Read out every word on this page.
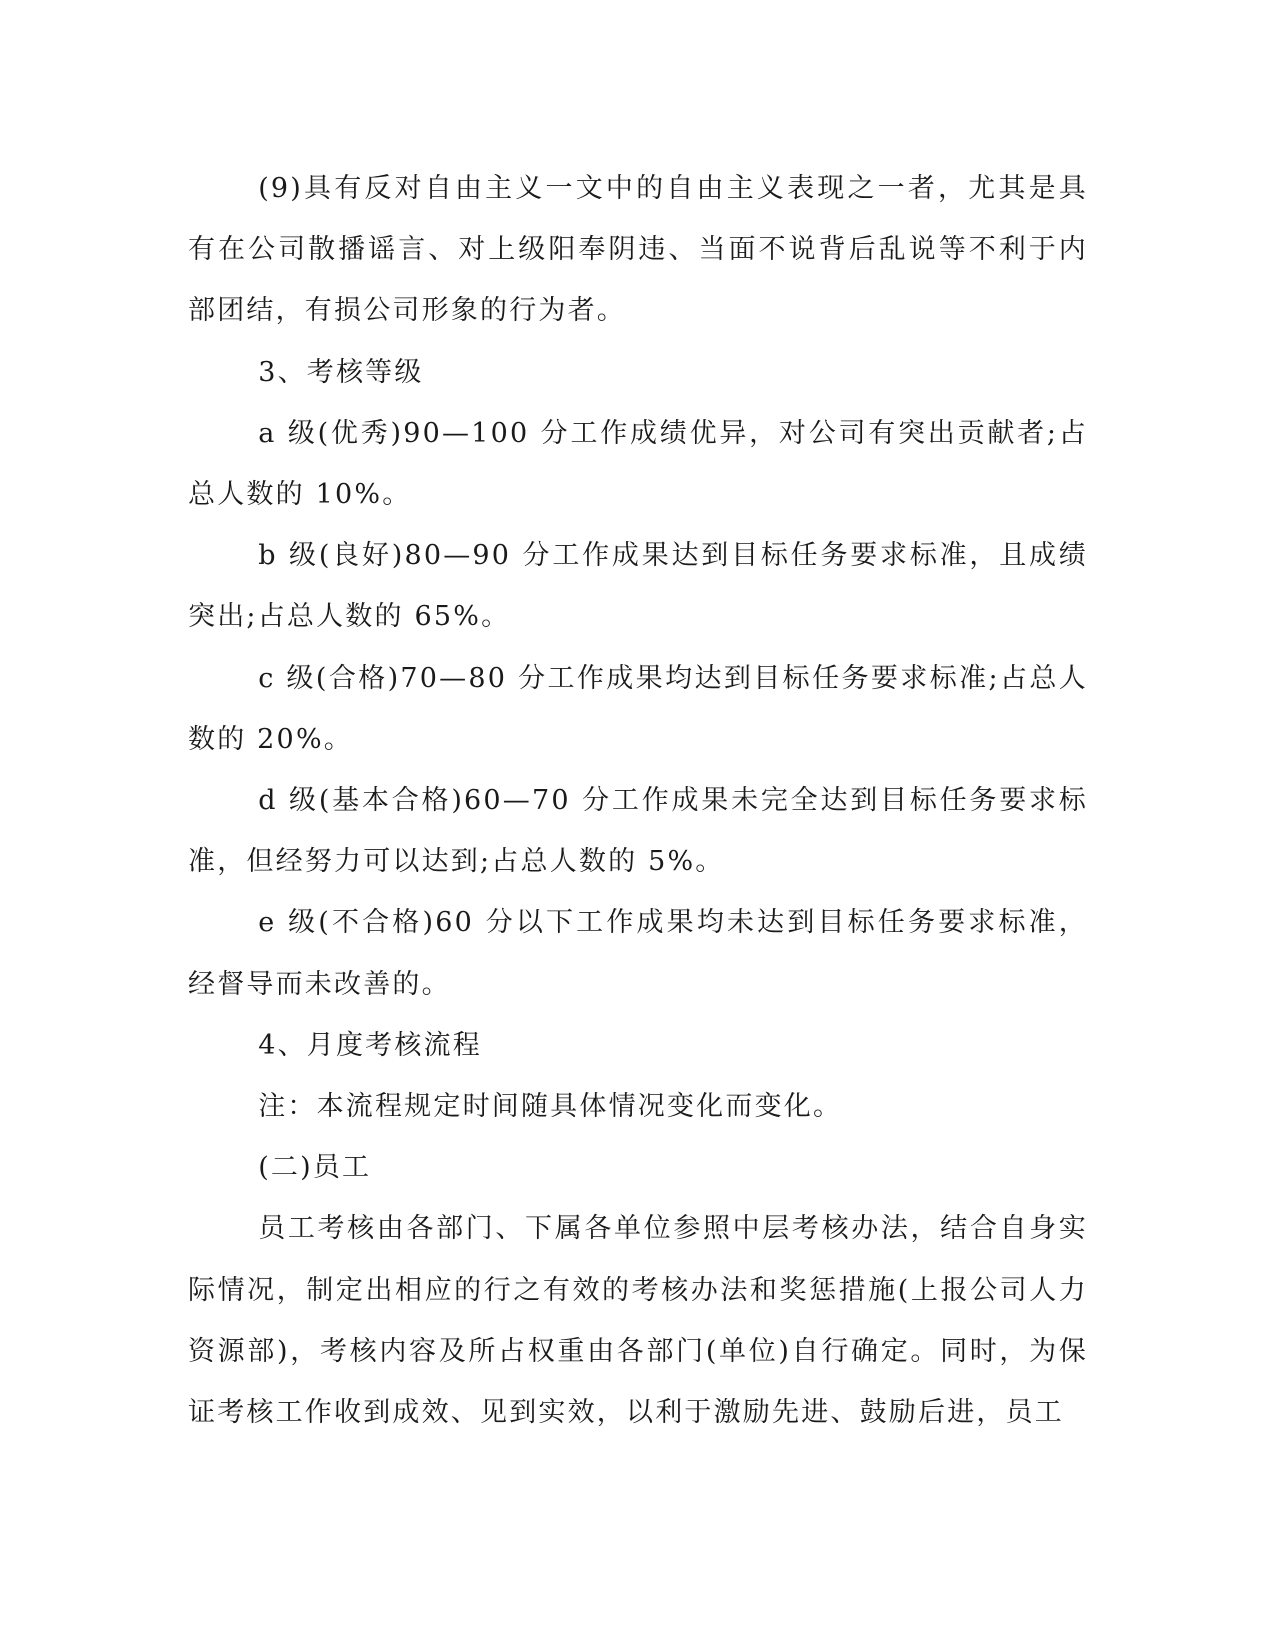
(9)具有反对自由主义一文中的自由主义表现之一者，尤其是具有在公司散播谣言、对上级阳奉阴违、当面不说背后乱说等不利于内部团结，有损公司形象的行为者。

3、考核等级

a 级(优秀)90—100 分工作成绩优异，对公司有突出贡献者;占总人数的 10%。

b 级(良好)80—90 分工作成果达到目标任务要求标准，且成绩突出;占总人数的 65%。

c 级(合格)70—80 分工作成果均达到目标任务要求标准;占总人数的 20%。

d 级(基本合格)60—70 分工作成果未完全达到目标任务要求标准，但经努力可以达到;占总人数的 5%。

e 级(不合格)60 分以下工作成果均未达到目标任务要求标准，经督导而未改善的。

4、月度考核流程

注：本流程规定时间随具体情况变化而变化。

(二)员工

员工考核由各部门、下属各单位参照中层考核办法，结合自身实际情况，制定出相应的行之有效的考核办法和奖惩措施(上报公司人力资源部)，考核内容及所占权重由各部门(单位)自行确定。同时，为保证考核工作收到成效、见到实效，以利于激励先进、鼓励后进，员工
